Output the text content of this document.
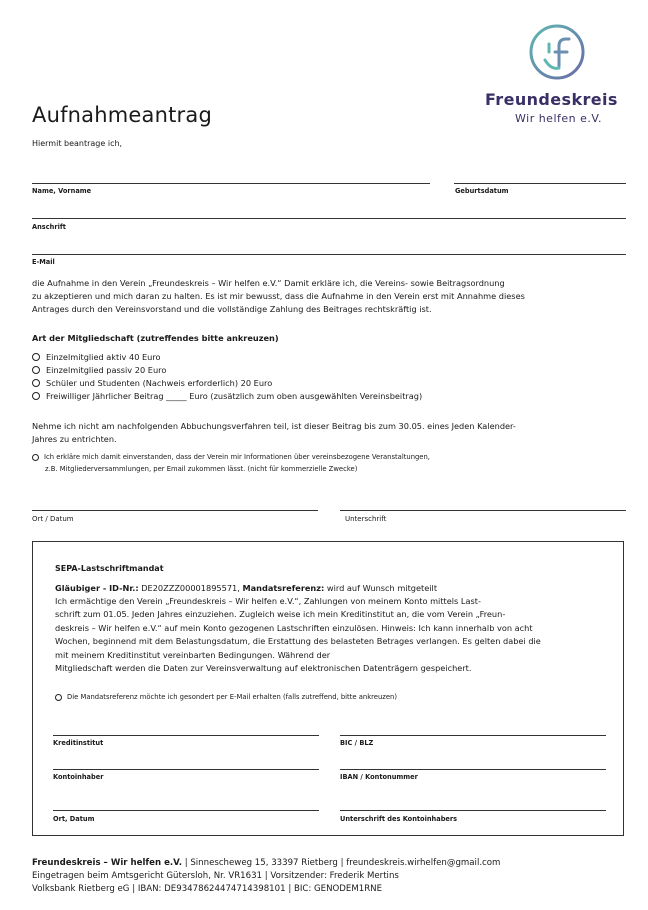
Freundeskreis
Wir helfen e.V.
Aufnahmeantrag
Hiermit beantrage ich,
Name, Vorname	Geburtsdatum
Anschrift
E-Mail
die Aufnahme in den Verein „Freundeskreis – Wir helfen e.V.“ Damit erkläre ich, die Vereins- sowie Beitragsordnung
zu akzeptieren und mich daran zu halten. Es ist mir bewusst, dass die Aufnahme in den Verein erst mit Annahme dieses
Antrages durch den Vereinsvorstand und die vollständige Zahlung des Beitrages rechtskräftig ist.
Art der Mitgliedschaft (zutreffendes bitte ankreuzen)
Einzelmitglied aktiv 40 Euro
Einzelmitglied passiv 20 Euro
Schüler und Studenten (Nachweis erforderlich) 20 Euro
Freiwilliger Jährlicher Beitrag _____ Euro (zusätzlich zum oben ausgewählten Vereinsbeitrag)
Nehme ich nicht am nachfolgenden Abbuchungsverfahren teil, ist dieser Beitrag bis zum 30.05. eines Jeden Kalender-
Jahres zu entrichten.
Ich erkläre mich damit einverstanden, dass der Verein mir Informationen über vereinsbezogene Veranstaltungen,
z.B. Mitgliederversammlungen, per Email zukommen lässt. (nicht für kommerzielle Zwecke)
Ort / Datum	Unterschrift
SEPA-Lastschriftmandat
Gläubiger - ID-Nr.: DE20ZZZ00001895571, Mandatsreferenz: wird auf Wunsch mitgeteilt
Ich ermächtige den Verein „Freundeskreis – Wir helfen e.V.“, Zahlungen von meinem Konto mittels Last-
schrift zum 01.05. Jeden Jahres einzuziehen. Zugleich weise ich mein Kreditinstitut an, die vom Verein „Freun-
deskreis – Wir helfen e.V.“ auf mein Konto gezogenen Lastschriften einzulösen. Hinweis: Ich kann innerhalb von acht
Wochen, beginnend mit dem Belastungsdatum, die Erstattung des belasteten Betrages verlangen. Es gelten dabei die
mit meinem Kreditinstitut vereinbarten Bedingungen. Während der
Mitgliedschaft werden die Daten zur Vereinsverwaltung auf elektronischen Datenträgern gespeichert.
Die Mandatsreferenz möchte ich gesondert per E-Mail erhalten (falls zutreffend, bitte ankreuzen)
Kreditinstitut	BIC / BLZ
Kontoinhaber	IBAN / Kontonummer
Ort, Datum	Unterschrift des Kontoinhabers
Freundeskreis – Wir helfen e.V. | Sinnescheweg 15, 33397 Rietberg | freundeskreis.wirhelfen@gmail.com
Eingetragen beim Amtsgericht Gütersloh, Nr. VR1631 | Vorsitzender: Frederik Mertins
Volksbank Rietberg eG | IBAN: DE93478624474714398101 | BIC: GENODEM1RNE
